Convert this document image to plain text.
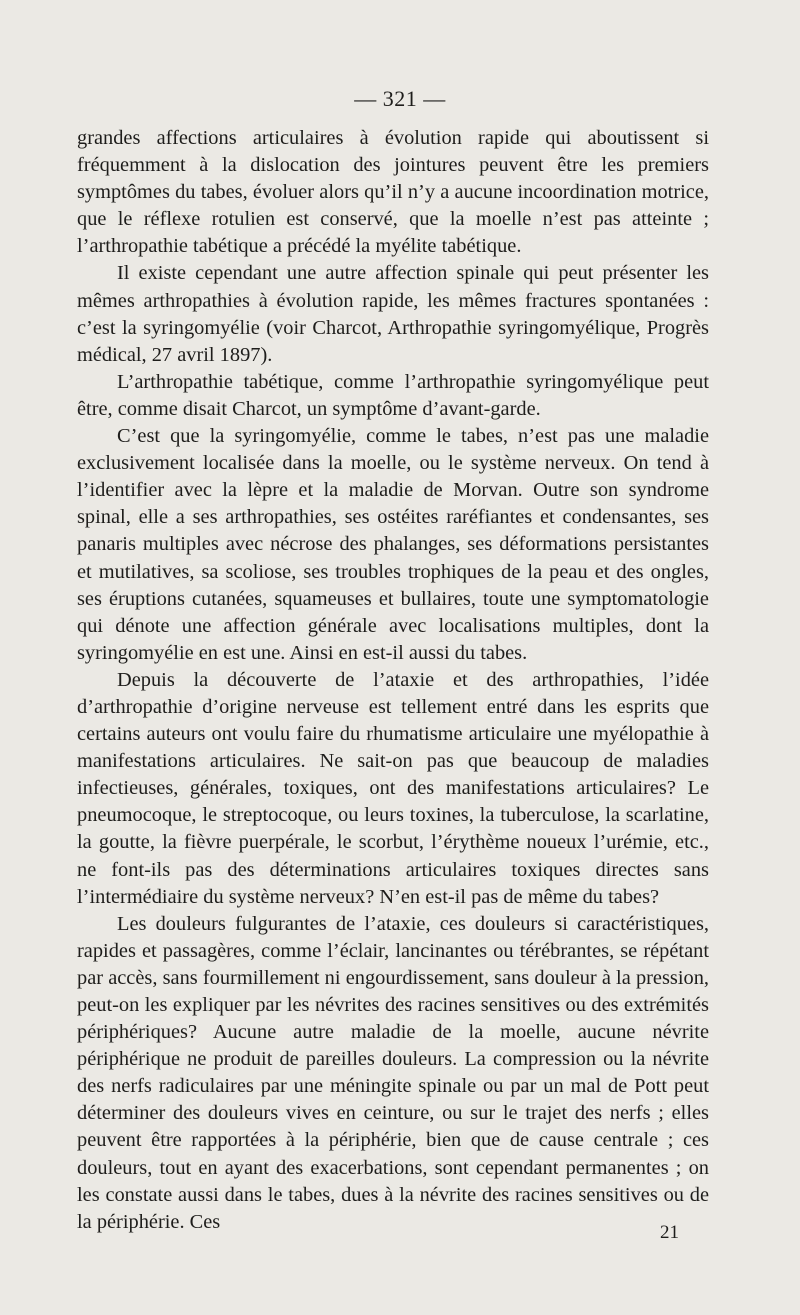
— 321 —

grandes affections articulaires à évolution rapide qui aboutissent si fréquemment à la dislocation des jointures peuvent être les premiers symptômes du tabes, évoluer alors qu’il n’y a aucune incoordination motrice, que le réflexe rotulien est conservé, que la moelle n’est pas atteinte ; l’arthropathie tabétique a précédé la myélite tabétique.

Il existe cependant une autre affection spinale qui peut présenter les mêmes arthropathies à évolution rapide, les mêmes fractures spontanées : c’est la syringomyélie (voir Charcot, Arthropathie syringomyélique, Progrès médical, 27 avril 1897).

L’arthropathie tabétique, comme l’arthropathie syringomyélique peut être, comme disait Charcot, un symptôme d’avant-garde.

C’est que la syringomyélie, comme le tabes, n’est pas une maladie exclusivement localisée dans la moelle, ou le système nerveux. On tend à l’identifier avec la lèpre et la maladie de Morvan. Outre son syndrome spinal, elle a ses arthropathies, ses ostéites raréfiantes et condensantes, ses panaris multiples avec nécrose des phalanges, ses déformations persistantes et mutilatives, sa scoliose, ses troubles trophiques de la peau et des ongles, ses éruptions cutanées, squameuses et bullaires, toute une symptomatologie qui dénote une affection générale avec localisations multiples, dont la syringomyélie en est une. Ainsi en est-il aussi du tabes.

Depuis la découverte de l’ataxie et des arthropathies, l’idée d’arthropathie d’origine nerveuse est tellement entré dans les esprits que certains auteurs ont voulu faire du rhumatisme articulaire une myélopathie à manifestations articulaires. Ne sait-on pas que beaucoup de maladies infectieuses, générales, toxiques, ont des manifestations articulaires? Le pneumocoque, le streptocoque, ou leurs toxines, la tuberculose, la scarlatine, la goutte, la fièvre puerpérale, le scorbut, l’érythème noueux l’urémie, etc., ne font-ils pas des déterminations articulaires toxiques directes sans l’intermédiaire du système nerveux? N’en est-il pas de même du tabes?

Les douleurs fulgurantes de l’ataxie, ces douleurs si caractéristiques, rapides et passagères, comme l’éclair, lancinantes ou térébrantes, se répétant par accès, sans fourmillement ni engourdissement, sans douleur à la pression, peut-on les expliquer par les névrites des racines sensitives ou des extrémités périphériques? Aucune autre maladie de la moelle, aucune névrite périphérique ne produit de pareilles douleurs. La compression ou la névrite des nerfs radiculaires par une méningite spinale ou par un mal de Pott peut déterminer des douleurs vives en ceinture, ou sur le trajet des nerfs ; elles peuvent être rapportées à la périphérie, bien que de cause centrale ; ces douleurs, tout en ayant des exacerbations, sont cependant permanentes ; on les constate aussi dans le tabes, dues à la névrite des racines sensitives ou de la périphérie. Ces	21
